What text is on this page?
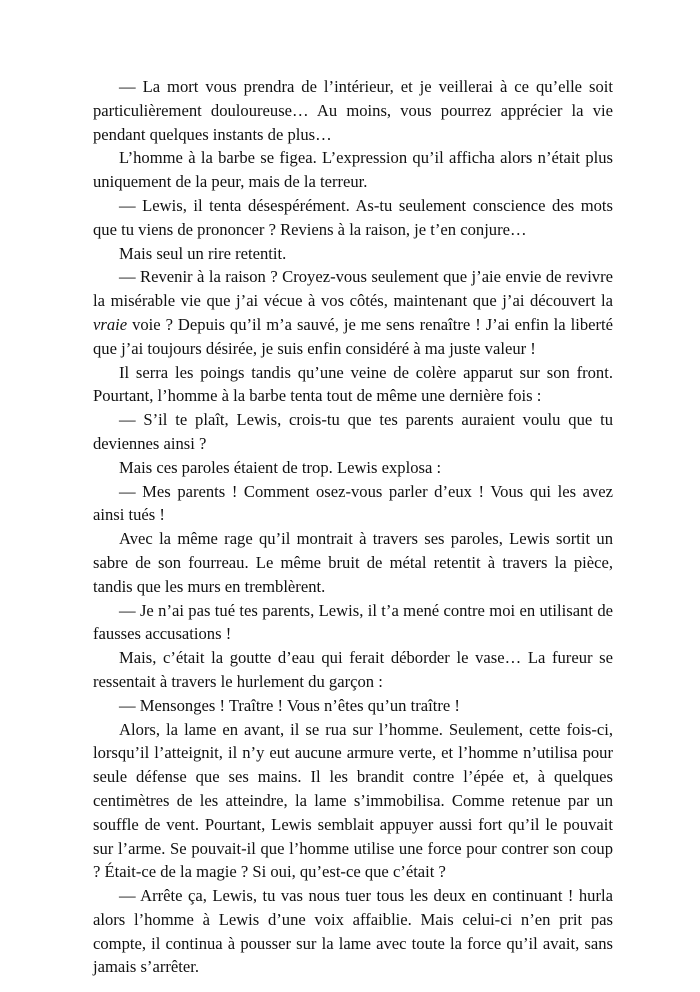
— La mort vous prendra de l’intérieur, et je veillerai à ce qu’elle soit particulièrement douloureuse… Au moins, vous pourrez apprécier la vie pendant quelques instants de plus…

L’homme à la barbe se figea. L’expression qu’il afficha alors n’était plus uniquement de la peur, mais de la terreur.

— Lewis, il tenta désespérément. As-tu seulement conscience des mots que tu viens de prononcer ? Reviens à la raison, je t’en conjure…

Mais seul un rire retentit.

— Revenir à la raison ? Croyez-vous seulement que j’aie envie de revivre la misérable vie que j’ai vécue à vos côtés, maintenant que j’ai découvert la vraie voie ? Depuis qu’il m’a sauvé, je me sens renaître ! J’ai enfin la liberté que j’ai toujours désirée, je suis enfin considéré à ma juste valeur !

Il serra les poings tandis qu’une veine de colère apparut sur son front. Pourtant, l’homme à la barbe tenta tout de même une dernière fois :

— S’il te plaît, Lewis, crois-tu que tes parents auraient voulu que tu deviennes ainsi ?

Mais ces paroles étaient de trop. Lewis explosa :

— Mes parents ! Comment osez-vous parler d’eux ! Vous qui les avez ainsi tués !

Avec la même rage qu’il montrait à travers ses paroles, Lewis sortit un sabre de son fourreau. Le même bruit de métal retentit à travers la pièce, tandis que les murs en tremblèrent.

— Je n’ai pas tué tes parents, Lewis, il t’a mené contre moi en utilisant de fausses accusations !

Mais, c’était la goutte d’eau qui ferait déborder le vase… La fureur se ressentait à travers le hurlement du garçon :

— Mensonges ! Traître ! Vous n’êtes qu’un traître !

Alors, la lame en avant, il se rua sur l’homme. Seulement, cette fois-ci, lorsqu’il l’atteignit, il n’y eut aucune armure verte, et l’homme n’utilisa pour seule défense que ses mains. Il les brandit contre l’épée et, à quelques centimètres de les atteindre, la lame s’immobilisa. Comme retenue par un souffle de vent. Pourtant, Lewis semblait appuyer aussi fort qu’il le pouvait sur l’arme. Se pouvait-il que l’homme utilise une force pour contrer son coup ? Était-ce de la magie ? Si oui, qu’est-ce que c’était ?

— Arrête ça, Lewis, tu vas nous tuer tous les deux en continuant ! hurla alors l’homme à Lewis d’une voix affaiblie. Mais celui-ci n’en prit pas compte, il continua à pousser sur la lame avec toute la force qu’il avait, sans jamais s’arrêter.
